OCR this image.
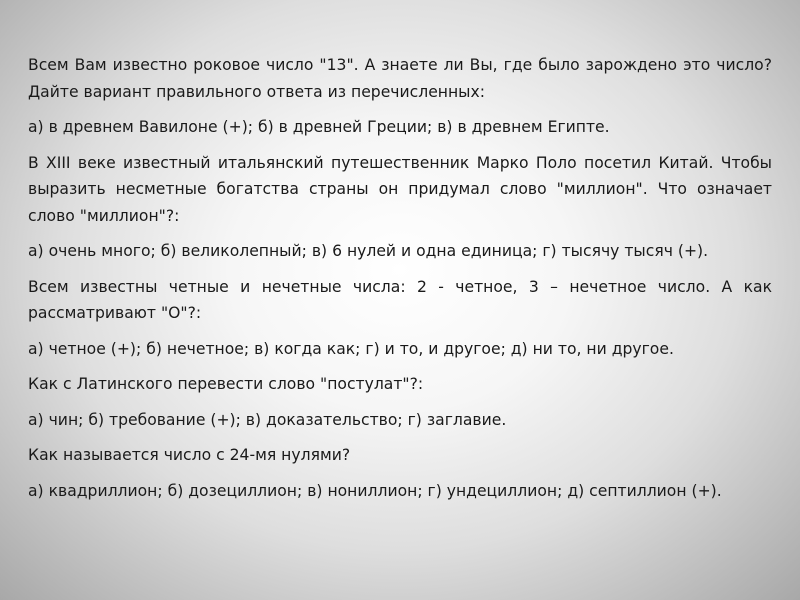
Всем Вам известно роковое число "13". А знаете ли Вы, где было зарождено это число? Дайте вариант правильного ответа из перечисленных:

а) в древнем Вавилоне (+); б) в древней Греции; в) в древнем Египте.

В XIII веке известный итальянский путешественник Марко Поло посетил Китай. Чтобы выразить несметные богатства страны он придумал слово "миллион". Что означает слово "миллион"?:

а) очень много; б) великолепный; в) 6 нулей и одна единица; г) тысячу тысяч (+).

Всем известны четные и нечетные числа: 2 - четное, 3 – нечетное число. А как рассматривают "О"?:

а) четное (+); б) нечетное; в) когда как; г) и то, и другое; д) ни то, ни другое.

Как с Латинского перевести слово "постулат"?:

а) чин; б) требование (+); в) доказательство; г) заглавие.

Как называется число с 24-мя нулями?

а) квадриллион; б) дозециллион; в) нониллион; г) ундециллион; д) септиллион (+).
